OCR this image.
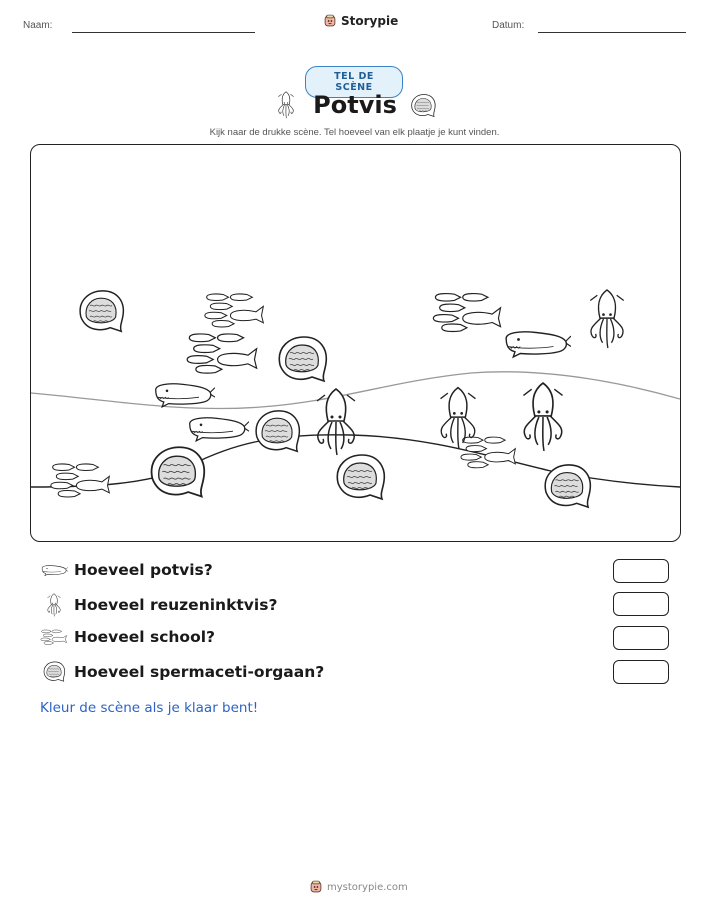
Naam:	Storypie	Datum:
TEL DE SCÈNE
Potvis
Kijk naar de drukke scène. Tel hoeveel van elk plaatje je kunt vinden.
Hoeveel potvis?
Hoeveel reuzeninktvis?
Hoeveel school?
Hoeveel spermaceti-orgaan?
Kleur de scène als je klaar bent!
mystorypie.com
